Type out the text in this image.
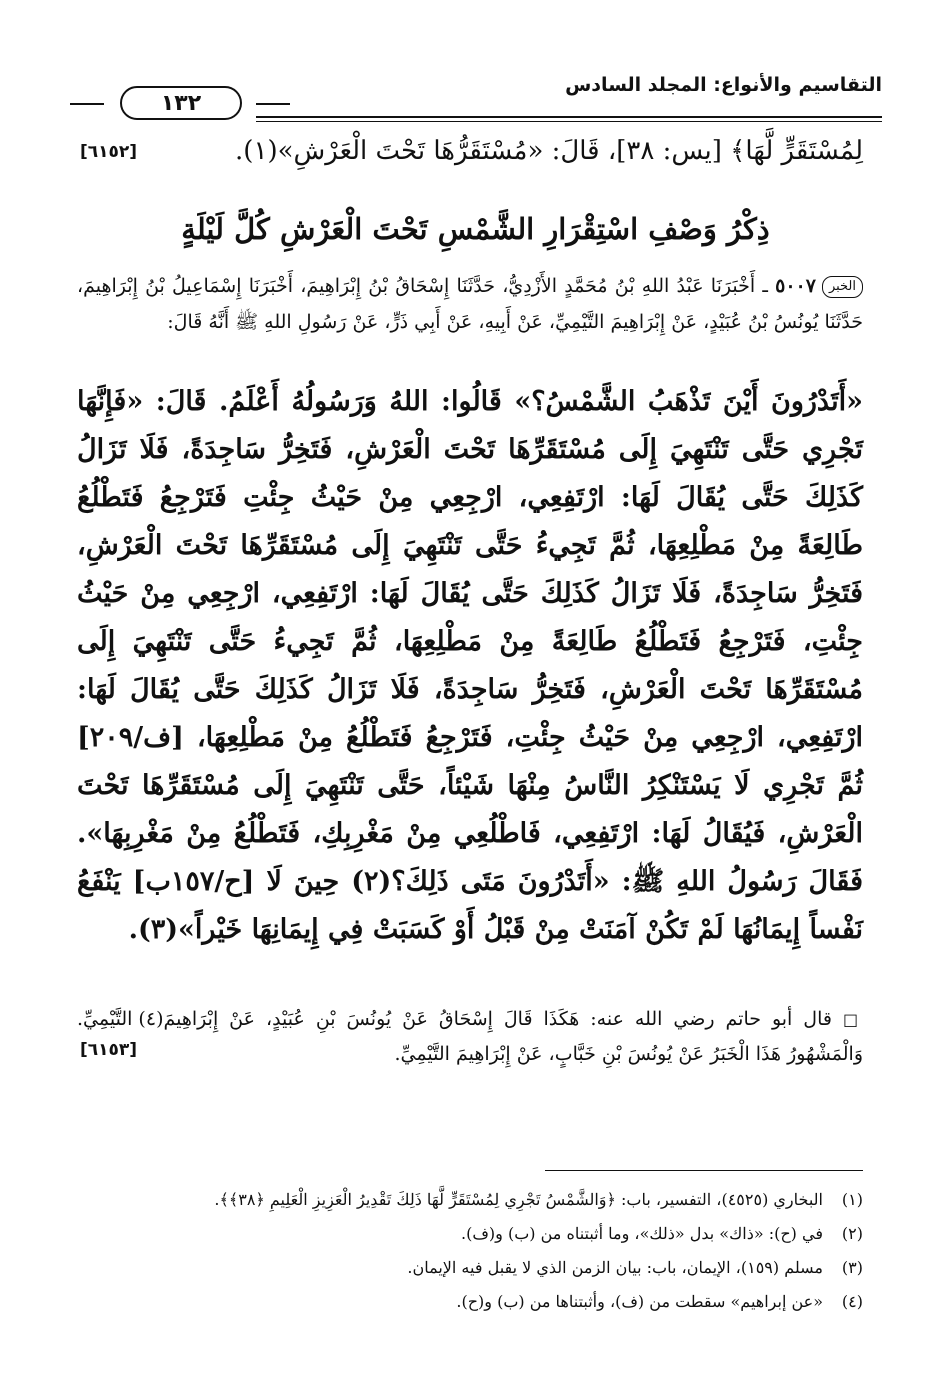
التقاسيم والأنواع: المجلد السادس
١٣٢
لِمُسْتَقَرٍّ لَّهَا﴾ [يس: ٣٨]، قَالَ: «مُسْتَقَرُّهَا تَحْتَ الْعَرْشِ»(١).
[٦١٥٢]
ذِكْرُ وَصْفِ اسْتِقْرَارِ الشَّمْسِ تَحْتَ الْعَرْشِ كُلَّ لَيْلَةٍ
الخبر٥٠٠٧ ـ أَخْبَرَنَا عَبْدُ اللهِ بْنُ مُحَمَّدٍ الأَزْدِيُّ، حَدَّثَنَا إِسْحَاقُ بْنُ إِبْرَاهِيمَ، أَخْبَرَنَا إِسْمَاعِيلُ بْنُ إِبْرَاهِيمَ، حَدَّثَنَا يُونُسُ بْنُ عُبَيْدٍ، عَنْ إِبْرَاهِيمَ التَّيْمِيِّ، عَنْ أَبِيهِ، عَنْ أَبِي ذَرٍّ، عَنْ رَسُولِ اللهِ ﷺ أَنَّهُ قَالَ:
«أَتَدْرُونَ أَيْنَ تَذْهَبُ الشَّمْسُ؟» قَالُوا: اللهُ وَرَسُولُهُ أَعْلَمُ. قَالَ: «فَإِنَّهَا تَجْرِي حَتَّى تَنْتَهِيَ إِلَى مُسْتَقَرِّهَا تَحْتَ الْعَرْشِ، فَتَخِرُّ سَاجِدَةً، فَلَا تَزَالُ كَذَلِكَ حَتَّى يُقَالَ لَهَا: ارْتَفِعِي، ارْجِعِي مِنْ حَيْثُ جِئْتِ فَتَرْجِعُ فَتَطْلُعُ طَالِعَةً مِنْ مَطْلِعِهَا، ثُمَّ تَجِيءُ حَتَّى تَنْتَهِيَ إِلَى مُسْتَقَرِّهَا تَحْتَ الْعَرْشِ، فَتَخِرُّ سَاجِدَةً، فَلَا تَزَالُ كَذَلِكَ حَتَّى يُقَالَ لَهَا: ارْتَفِعِي، ارْجِعِي مِنْ حَيْثُ جِئْتِ، فَتَرْجِعُ فَتَطْلُعُ طَالِعَةً مِنْ مَطْلِعِهَا، ثُمَّ تَجِيءُ حَتَّى تَنْتَهِيَ إِلَى مُسْتَقَرِّهَا تَحْتَ الْعَرْشِ، فَتَخِرُّ سَاجِدَةً، فَلَا تَزَالُ كَذَلِكَ حَتَّى يُقَالَ لَهَا: ارْتَفِعِي، ارْجِعِي مِنْ حَيْثُ جِئْتِ، فَتَرْجِعُ فَتَطْلُعُ مِنْ مَطْلِعِهَا، [ف/٢٠٩] ثُمَّ تَجْرِي لَا يَسْتَنْكِرُ النَّاسُ مِنْهَا شَيْئاً، حَتَّى تَنْتَهِيَ إِلَى مُسْتَقَرِّهَا تَحْتَ الْعَرْشِ، فَيُقَالُ لَهَا: ارْتَفِعِي، فَاطْلُعِي مِنْ مَغْرِبِكِ، فَتَطْلُعُ مِنْ مَغْرِبِهَا». فَقَالَ رَسُولُ اللهِ ﷺ: «أَتَدْرُونَ مَتَى ذَلِكَ؟(٢) حِينَ لَا [ح/١٥٧ب] يَنْفَعُ نَفْساً إِيمَانُهَا لَمْ تَكُنْ آمَنَتْ مِنْ قَبْلُ أَوْ كَسَبَتْ فِي إِيمَانِهَا خَيْراً»(٣).
□ قال أبو حاتم رضي الله عنه: هَكَذَا قَالَ إِسْحَاقُ عَنْ يُونُسَ بْنِ عُبَيْدٍ، عَنْ إِبْرَاهِيمَ(٤) التَّيْمِيِّ. وَالْمَشْهُورُ هَذَا الْخَبَرُ عَنْ يُونُسَ بْنِ خَبَّابٍ، عَنْ إِبْرَاهِيمَ التَّيْمِيِّ.
[٦١٥٣]
(١)البخاري (٤٥٢٥)، التفسير، باب: ﴿وَالشَّمْسُ تَجْرِي لِمُسْتَقَرٍّ لَّهَا ذَلِكَ تَقْدِيرُ الْعَزِيزِ الْعَلِيمِ ﴿٣٨﴾﴾.
(٢)في (ح): «ذاك» بدل «ذلك»، وما أثبتناه من (ب) و(ف).
(٣)مسلم (١٥٩)، الإيمان، باب: بيان الزمن الذي لا يقبل فيه الإيمان.
(٤)«عن إبراهيم» سقطت من (ف)، وأثبتناها من (ب) و(ح).
